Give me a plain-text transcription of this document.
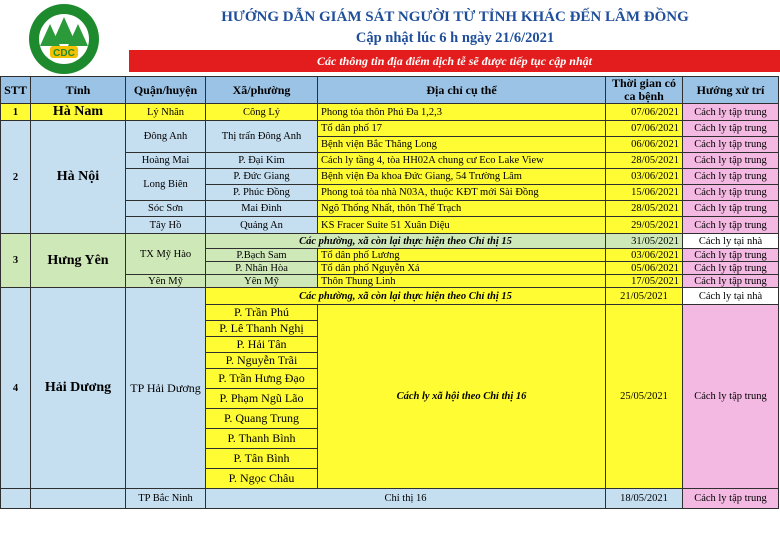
CDC
HƯỚNG DẪN GIÁM SÁT NGƯỜI TỪ TỈNH KHÁC ĐẾN LÂM ĐỒNG
Cập nhật lúc 6 h ngày 21/6/2021
Các thông tin địa điểm dịch tễ sẽ được tiếp tục cập nhật
STT	Tỉnh	Quận/huyện	Xã/phường	Địa chỉ cụ thể	Thời gian có ca bệnh	Hướng xử trí
1	Hà Nam	Lý Nhân	Công Lý	Phong tỏa thôn Phú Đa 1,2,3	07/06/2021	Cách ly tập trung
2	Hà Nội	Đông Anh	Thị trấn Đông Anh	Tổ dân phố 17	07/06/2021	Cách ly tập trung
				Bệnh viện Bắc Thăng Long	06/06/2021	Cách ly tập trung
		Hoàng Mai	P. Đại Kim	Cách ly tầng 4, tòa HH02A chung cư Eco Lake View	28/05/2021	Cách ly tập trung
		Long Biên	P. Đức Giang	Bệnh viện Đa khoa Đức Giang, 54 Trường Lâm	03/06/2021	Cách ly tập trung
			P. Phúc Đồng	Phong toả tòa nhà N03A, thuộc KĐT mới Sài Đồng	15/06/2021	Cách ly tập trung
		Sóc Sơn	Mai Đình	Ngõ Thống Nhất, thôn Thế Trạch	28/05/2021	Cách ly tập trung
		Tây Hồ	Quảng An	KS Fracer Suite 51 Xuân Diệu	29/05/2021	Cách ly tập trung
3	Hưng Yên	TX Mỹ Hào	Các phường, xã còn lại thực hiện theo Chỉ thị 15		31/05/2021	Cách ly tại nhà
			P.Bạch Sam	Tổ dân phố Lương	03/06/2021	Cách ly tập trung
			P. Nhân Hòa	Tổ dân phố Nguyễn Xá	05/06/2021	Cách ly tập trung
		Yên Mỹ	Yên Mỹ	Thôn Thung Linh	17/05/2021	Cách ly tập trung
4	Hải Dương	TP Hải Dương	Các phường, xã còn lại thực hiện theo Chỉ thị 15		21/05/2021	Cách ly tại nhà
			P. Trần Phú	Cách ly xã hội theo Chỉ thị 16	25/05/2021	Cách ly tập trung
			P. Lê Thanh Nghị			
			P. Hải Tân			
			P. Nguyễn Trãi			
			P. Trần Hưng Đạo			
			P. Phạm Ngũ Lão			
			P. Quang Trung			
			P. Thanh Bình			
			P. Tân Bình			
			P. Ngọc Châu			
		TP Bắc Ninh	Chỉ thị 16		18/05/2021	Cách ly tập trung
